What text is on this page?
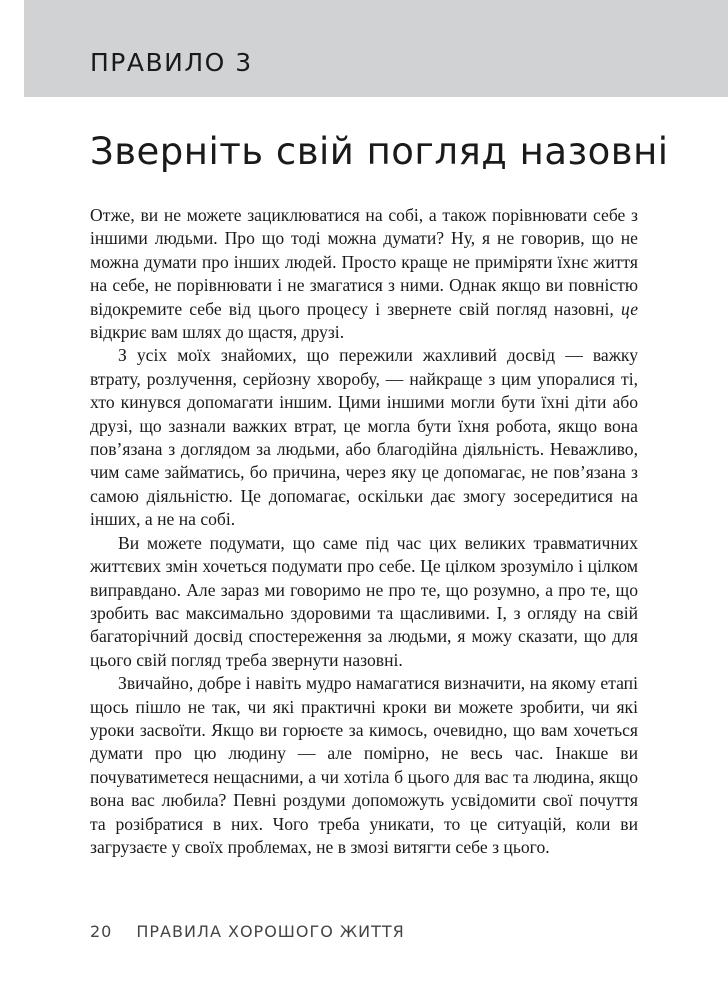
ПРАВИЛО 3
Зверніть свій погляд назовні

Отже, ви не можете зациклюватися на собі, а також порівнювати себе з іншими людьми. Про що тоді можна думати? Ну, я не говорив, що не можна думати про інших людей. Просто краще не приміряти їхнє життя на себе, не порівнювати і не змагатися з ними. Однак якщо ви повністю відокремите себе від цього процесу і звернете свій погляд назовні, це відкриє вам шлях до щастя, друзі.

З усіх моїх знайомих, що пережили жахливий досвід — важку втрату, розлучення, серйозну хворобу, — найкраще з цим упоралися ті, хто кинувся допомагати іншим. Цими іншими могли бути їхні діти або друзі, що зазнали важких втрат, це могла бути їхня робота, якщо вона пов’язана з доглядом за людьми, або благодійна діяльність. Неважливо, чим саме займатись, бо причина, через яку це допомагає, не пов’язана з самою діяльністю. Це допомагає, оскільки дає змогу зосередитися на інших, а не на собі.

Ви можете подумати, що саме під час цих великих травматичних життєвих змін хочеться подумати про себе. Це цілком зрозуміло і цілком виправдано. Але зараз ми говоримо не про те, що розумно, а про те, що зробить вас максимально здоровими та щасливими. І, з огляду на свій багаторічний досвід спостереження за людьми, я можу сказати, що для цього свій погляд треба звернути назовні.

Звичайно, добре і навіть мудро намагатися визначити, на якому етапі щось пішло не так, чи які практичні кроки ви можете зробити, чи які уроки засвоїти. Якщо ви горюєте за кимось, очевидно, що вам хочеться думати про цю людину — але помірно, не весь час. Інакше ви почуватиметеся нещасними, а чи хотіла б цього для вас та людина, якщо вона вас любила? Певні роздуми допоможуть усвідомити свої почуття та розібратися в них. Чого треба уникати, то це ситуацій, коли ви загрузаєте у своїх проблемах, не в змозі витягти себе з цього.

20 ПРАВИЛА ХОРОШОГО ЖИТТЯ
